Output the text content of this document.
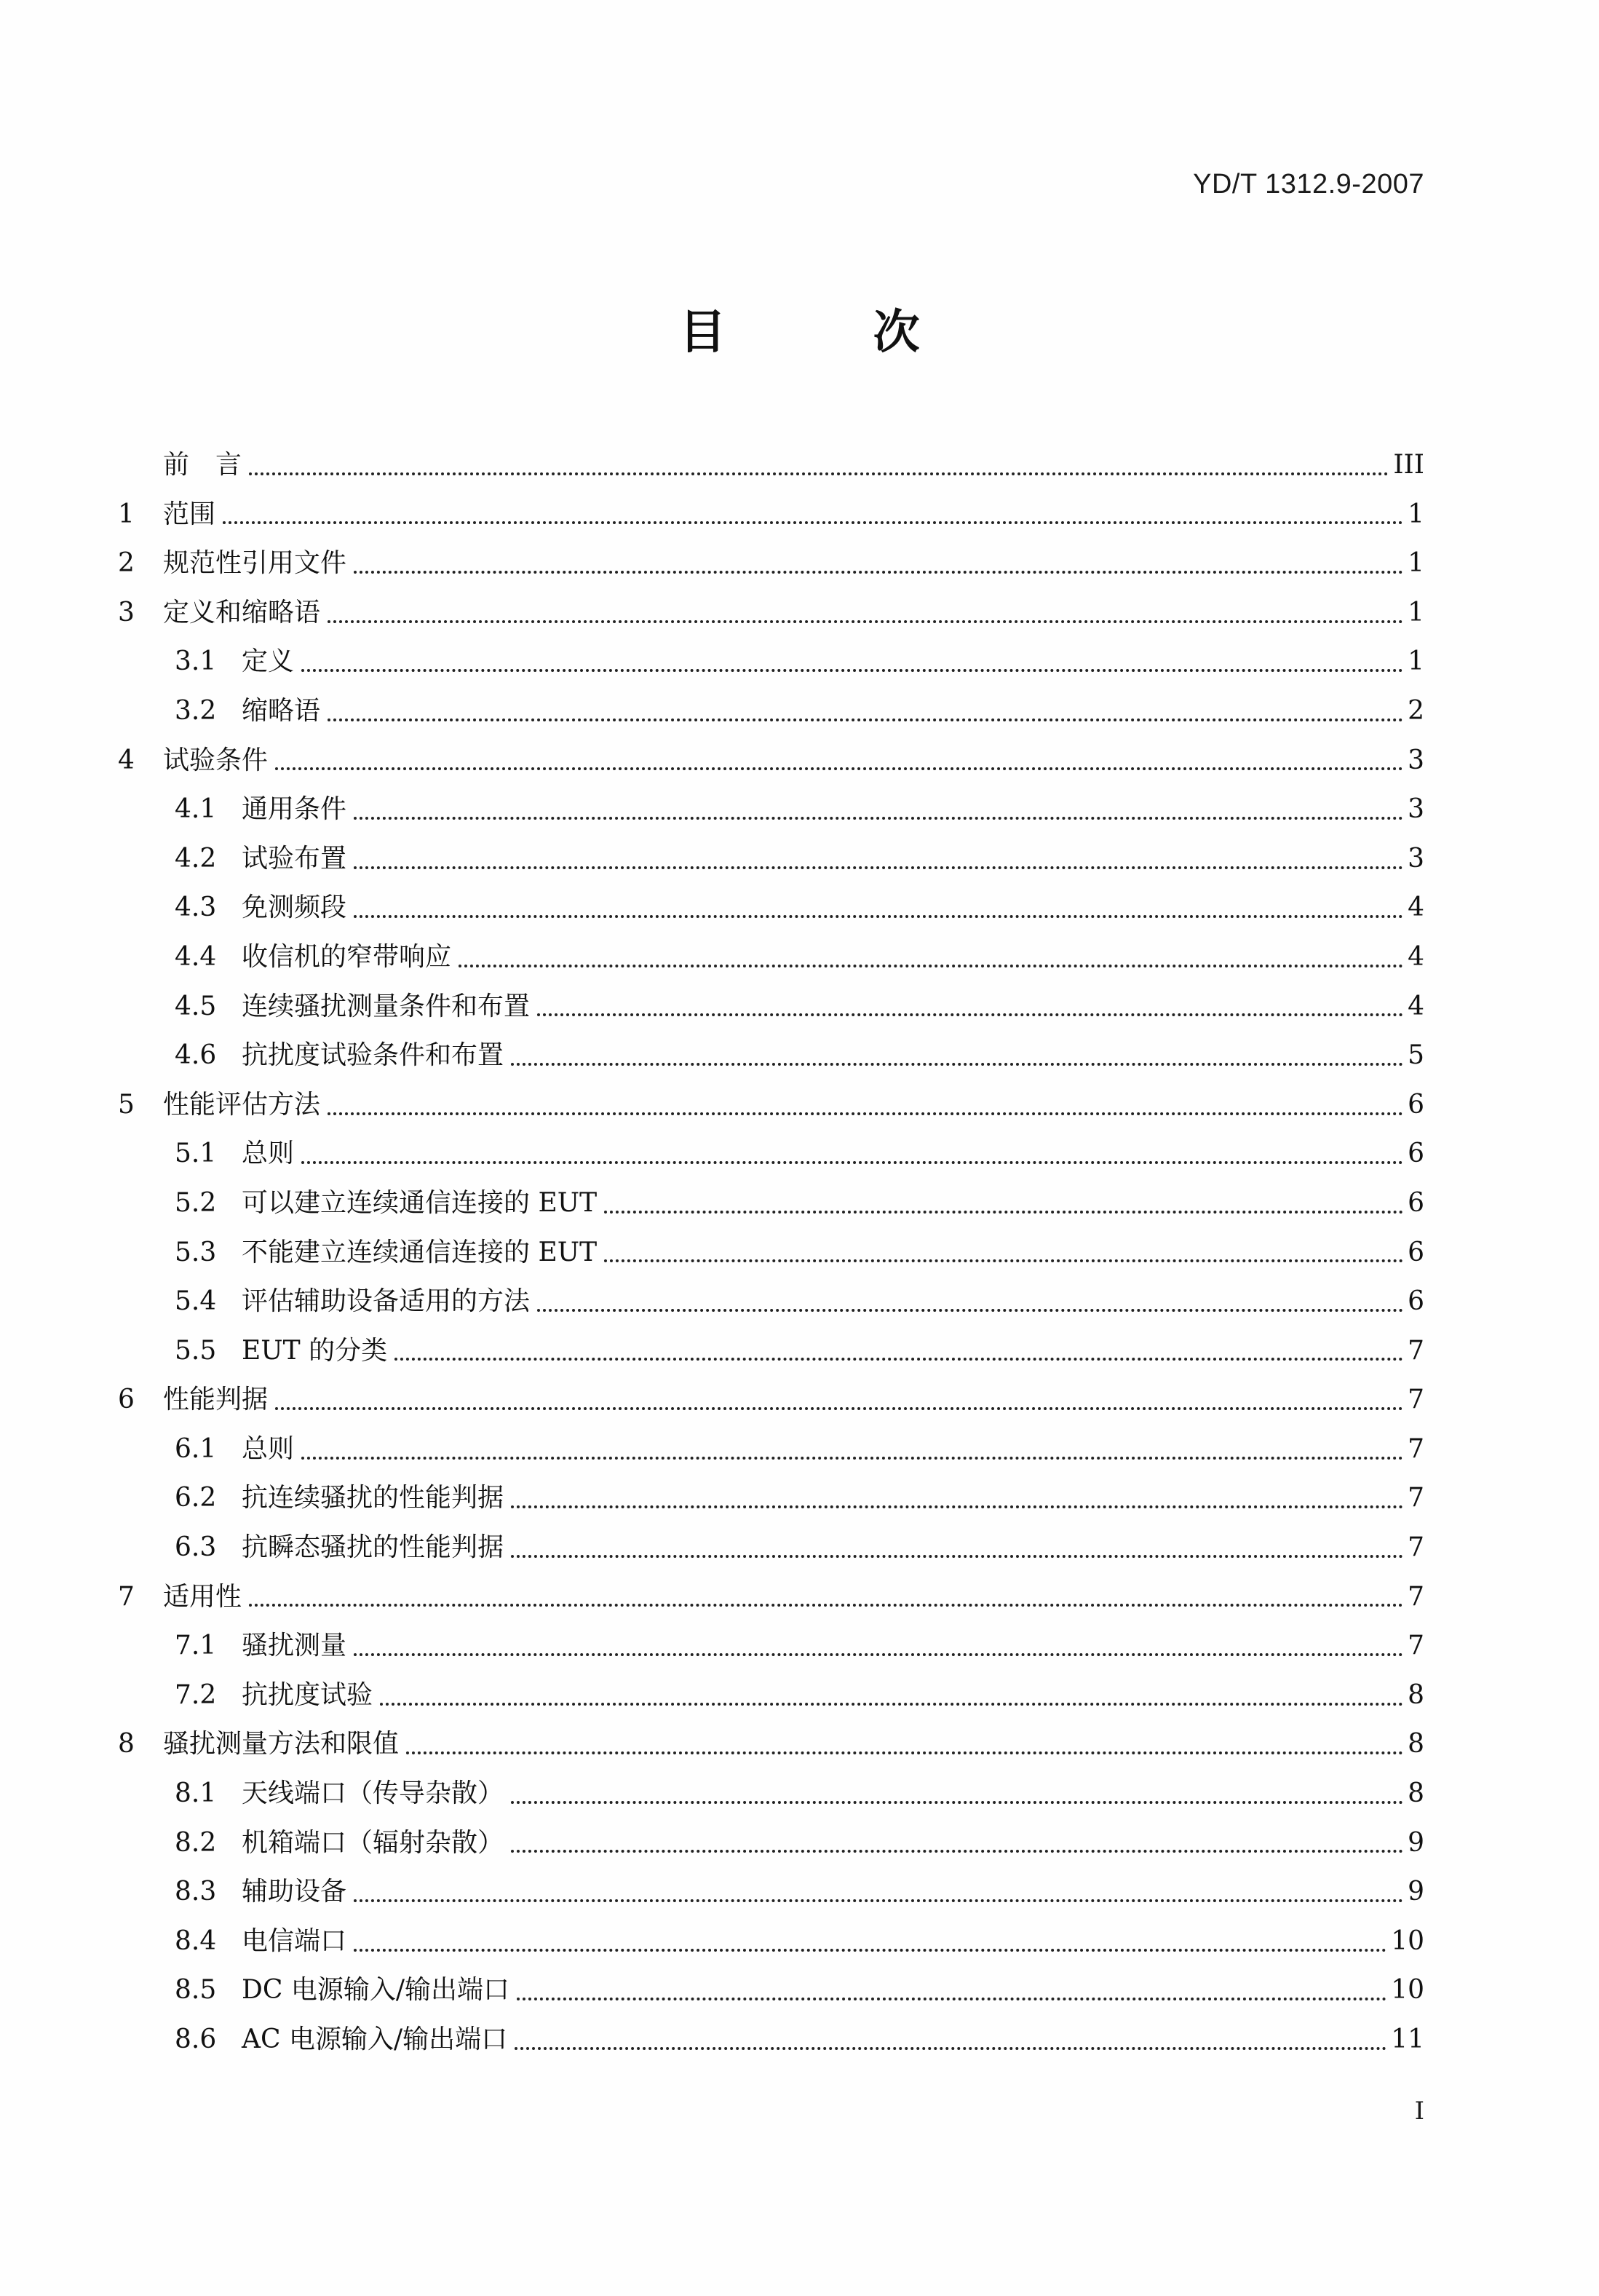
YD/T 1312.9-2007
目 次
前　言	III
1	范围	1
2	规范性引用文件	1
3	定义和缩略语	1
3.1 定义	1
3.2 缩略语	2
4	试验条件	3
4.1 通用条件	3
4.2 试验布置	3
4.3 免测频段	4
4.4 收信机的窄带响应	4
4.5 连续骚扰测量条件和布置	4
4.6 抗扰度试验条件和布置	5
5	性能评估方法	6
5.1 总则	6
5.2 可以建立连续通信连接的 EUT	6
5.3 不能建立连续通信连接的 EUT	6
5.4 评估辅助设备适用的方法	6
5.5 EUT 的分类	7
6	性能判据	7
6.1 总则	7
6.2 抗连续骚扰的性能判据	7
6.3 抗瞬态骚扰的性能判据	7
7	适用性	7
7.1 骚扰测量	7
7.2 抗扰度试验	8
8	骚扰测量方法和限值	8
8.1 天线端口（传导杂散）	8
8.2 机箱端口（辐射杂散）	9
8.3 辅助设备	9
8.4 电信端口	10
8.5 DC 电源输入/输出端口	10
8.6 AC 电源输入/输出端口	11
I
